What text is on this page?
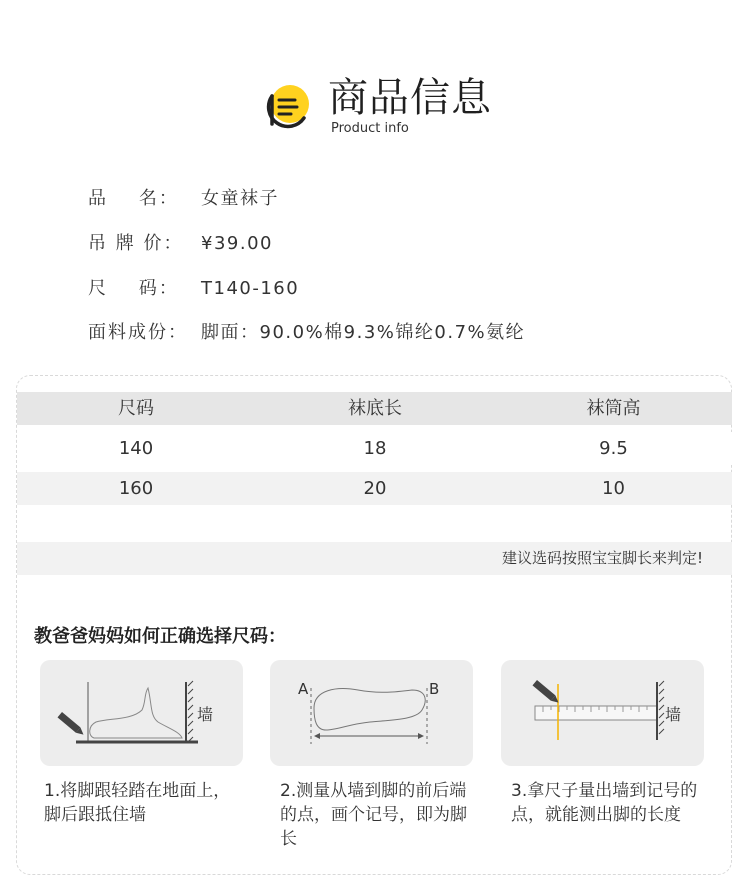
商品信息
Product info
品    名： 女童袜子
吊 牌 价： ¥39.00
尺    码： T140-160
面料成份： 脚面：90.0%棉9.3%锦纶0.7%氨纶
尺码	袜底长	袜筒高
140	18	9.5
160	20	10
建议选码按照宝宝脚长来判定!
教爸爸妈妈如何正确选择尺码：
墙
A	B
墙
1.将脚跟轻踏在地面上，脚后跟抵住墙
2.测量从墙到脚的前后端的点，画个记号，即为脚长
3.拿尺子量出墙到记号的点，就能测出脚的长度
